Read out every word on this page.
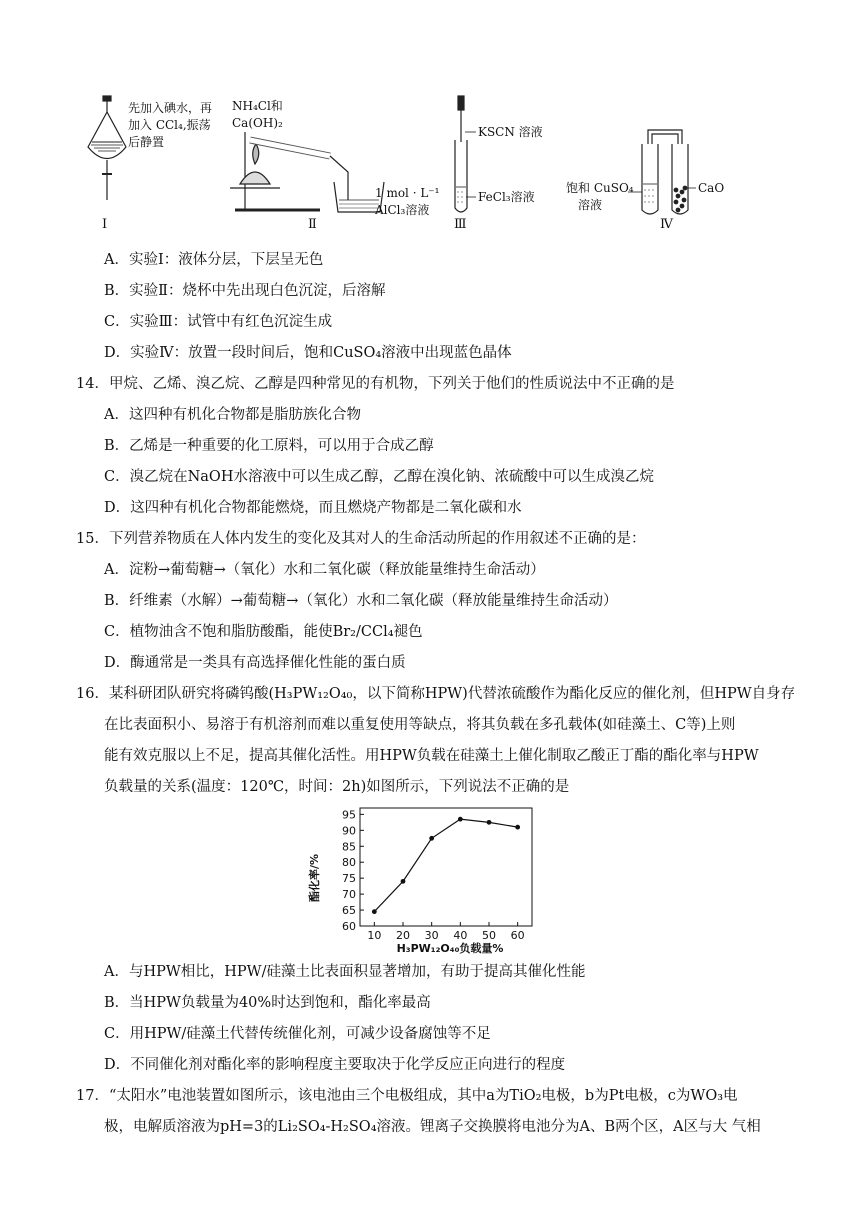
先加入碘水，再
加入 CCl₄,振荡
后静置
I
NH₄Cl和
Ca(OH)₂
1 mol · L⁻¹
AlCl₃溶液
Ⅱ
KSCN 溶液
FeCl₃溶液
Ⅲ
饱和 CuSO₄
溶液
CaO
Ⅳ
A．实验Ⅰ：液体分层，下层呈无色
B．实验Ⅱ：烧杯中先出现白色沉淀，后溶解
C．实验Ⅲ：试管中有红色沉淀生成
D．实验Ⅳ：放置一段时间后，饱和CuSO₄溶液中出现蓝色晶体
14．甲烷、乙烯、溴乙烷、乙醇是四种常见的有机物，下列关于他们的性质说法中不正确的是
A．这四种有机化合物都是脂肪族化合物
B．乙烯是一种重要的化工原料，可以用于合成乙醇
C．溴乙烷在NaOH水溶液中可以生成乙醇，乙醇在溴化钠、浓硫酸中可以生成溴乙烷
D．这四种有机化合物都能燃烧，而且燃烧产物都是二氧化碳和水
15．下列营养物质在人体内发生的变化及其对人的生命活动所起的作用叙述不正确的是：
A．淀粉→葡萄糖→（氧化）水和二氧化碳（释放能量维持生命活动）
B．纤维素（水解）→葡萄糖→（氧化）水和二氧化碳（释放能量维持生命活动）
C．植物油含不饱和脂肪酸酯，能使Br₂/CCl₄褪色
D．酶通常是一类具有高选择催化性能的蛋白质
16．某科研团队研究将磷钨酸(H₃PW₁₂O₄₀，以下简称HPW)代替浓硫酸作为酯化反应的催化剂，但HPW自身存
在比表面积小、易溶于有机溶剂而难以重复使用等缺点，将其负载在多孔载体(如硅藻土、C等)上则
能有效克服以上不足，提高其催化活性。用HPW负载在硅藻土上催化制取乙酸正丁酯的酯化率与HPW
负载量的关系(温度：120℃，时间：2h)如图所示，下列说法不正确的是
60
65
70
75
80
85
90
95
10 20 30 40 50 60
酯化率/%
H₃PW₁₂O₄₀负载量%
A．与HPW相比，HPW/硅藻土比表面积显著增加，有助于提高其催化性能
B．当HPW负载量为40%时达到饱和，酯化率最高
C．用HPW/硅藻土代替传统催化剂，可减少设备腐蚀等不足
D．不同催化剂对酯化率的影响程度主要取决于化学反应正向进行的程度
17．“太阳水”电池装置如图所示，该电池由三个电极组成，其中a为TiO₂电极，b为Pt电极，c为WO₃电
极，电解质溶液为pH=3的Li₂SO₄-H₂SO₄溶液。锂离子交换膜将电池分为A、B两个区，A区与大 气相
